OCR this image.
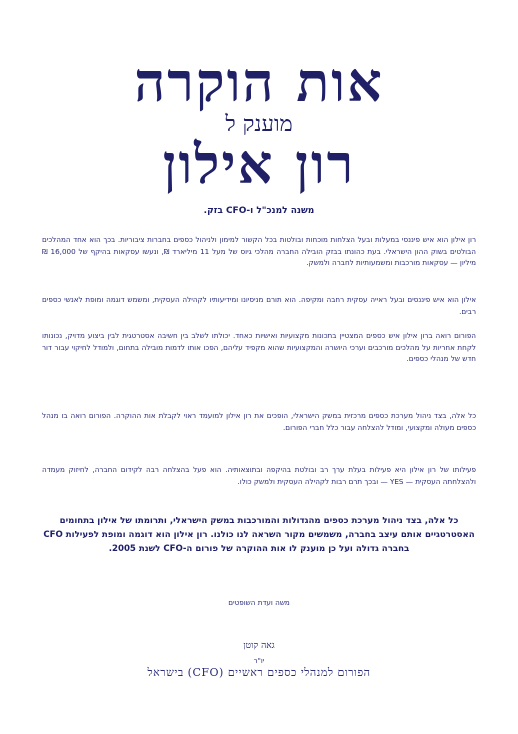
אות הוקרה
מוענק ל
רון אילון
משנה למנכ"ל ו-CFO בזק.

רון אילון הוא איש פיננסי במעלות ובעל הצלחות מוכחות ובולטות בכל הקשור למימון ולניהול כספים בחברות ציבוריות. בכך הוא אחד המהלכים הבולטים בשוק ההון הישראלי. בעת כהונתו בבזק הובילה החברה מהלכי גיוס של מעל 11 מיליארד ₪, ונעשו עסקאות בהיקף של 16,000 ₪ מיליון — עסקאות מורכבות ומשמעותיות לחברה ולמשק.

אילון הוא איש פיננסים ובעל ראייה עסקית רחבה ומקיפה. הוא תורם מניסיונו ומידיעותיו לקהילה העסקית, ומשמש דוגמה ומופת לאנשי כספים רבים.

הפורום רואה ברון אילון איש כספים המצטיין בתכונות מקצועיות ואישיות כאחד. יכולתו לשלב בין חשיבה אסטרטגית לבין ביצוע מדויק, נכונותו לקחת אחריות על מהלכים מורכבים וערכי היושרה והמקצועיות שהוא מקפיד עליהם, הפכו אותו לדמות מובילה בתחום, ולמודל לחיקוי עבור דור חדש של מנהלי כספים.

כל אלה, בצד ניהול מערכת כספים מרכזית במשק הישראלי, הופכים את רון אילון למועמד ראוי לקבלת אות ההוקרה. הפורום רואה בו מנהל כספים מעולה ומקצועי, ומודל להצלחה עבור כלל חברי הפורום.

פעילותו של רון אילון היא פעילות בעלת ערך רב ובולטת בהיקפה ובתוצאותיה. הוא פעל בהצלחה רבה לקידום החברה, לחיזוק מעמדה ולהצלחתה העסקית — YES — ובכך תרם רבות לקהילה העסקית ולמשק כולו.

כל אלה, בצד ניהול מערכת כספים מהגדולות והמורכבות במשק הישראלי, ותרומתו של אילון בתחומים האסטרטגיים אותם עיצב בחברה, משמשים מקור השראה לנו כולנו. רון אילון הוא דוגמה ומופת לפעילות CFO בחברה גדולה ועל כן מוענק לו אות ההוקרה של פורום ה-CFO לשנת 2005.

משה ועדת השופטים
גאה קוטן
יו"ר
הפורום למנהלי כספים ראשיים (CFO) בישראל
